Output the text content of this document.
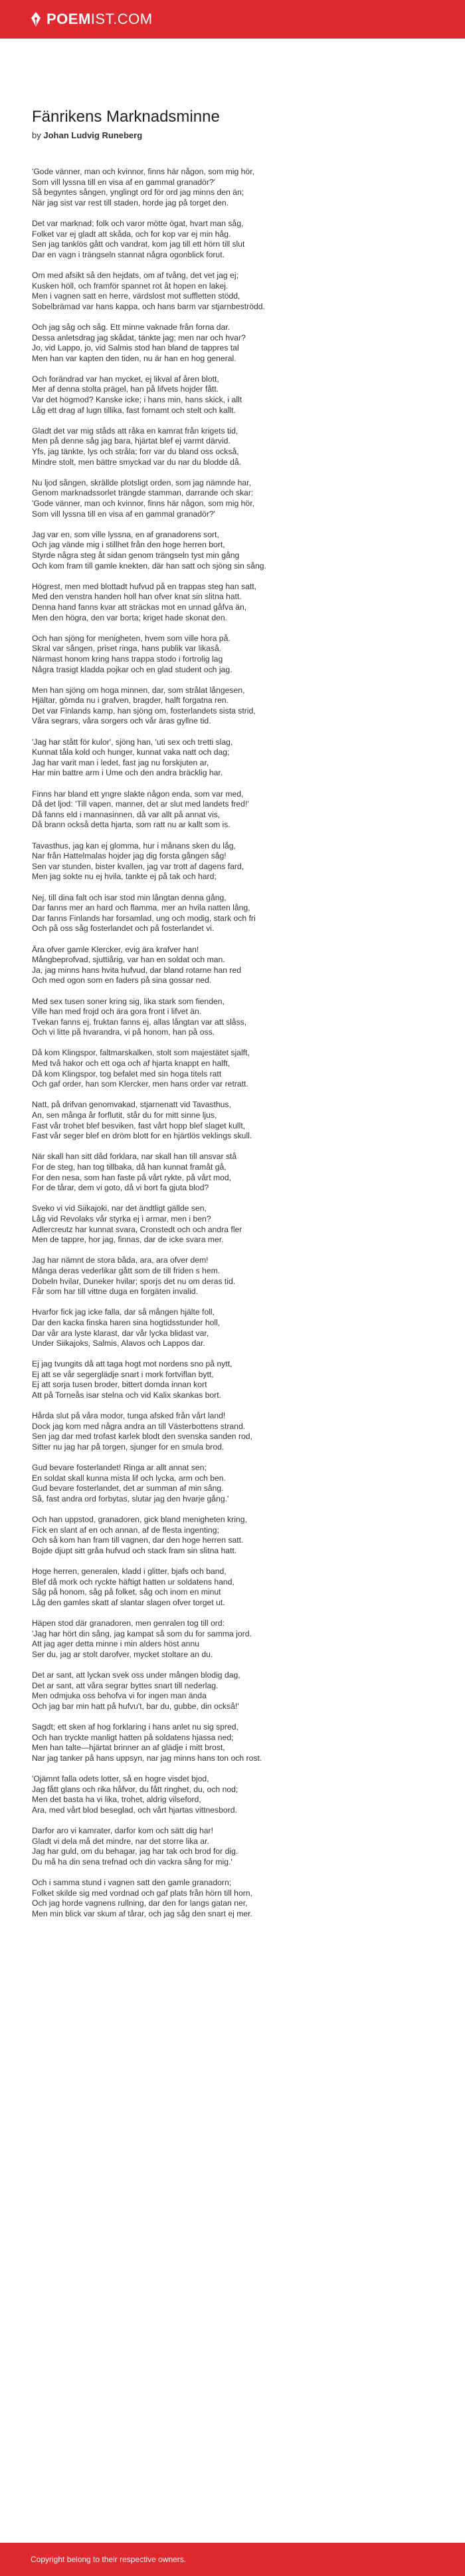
POEM IST.COM
Fänrikens Marknadsminne
by Johan Ludvig Runeberg

'Gode vänner, man och kvinnor, finns här någon, som mig hör,
Som vill lyssna till en visa af en gammal granadör?'
Så begyntes sången, ynglingt ord för ord jag minns den än;
När jag sist var rest till staden, horde jag på torget den.

Det var marknad; folk och varor mötte ögat, hvart man såg,
Folket var ej gladt att skåda, och for kop var ej min håg.
Sen jag tanklös gått och vandrat, kom jag till ett hörn till slut
Dar en vagn i trängseln stannat några ogonblick forut.

Om med afsikt så den hejdats, om af tvång, det vet jag ej;
Kusken höll, och framför spannet rot åt hopen en lakej.
Men i vagnen satt en herre, värdslost mot suffletten stödd,
Sobelbrämad var hans kappa, och hans barm var stjarnbeströdd.

Och jag såg och såg. Ett minne vaknade från forna dar.
Dessa anletsdrag jag skådat, tänkte jag; men nar och hvar?
Jo, vid Lappo, jo, vid Salmis stod han bland de tappres tal
Men han var kapten den tiden, nu är han en hog general.

Och forändrad var han mycket, ej likval af åren blott,
Mer af denna stolta prägel, han på lifvets hojder fått.
Var det högmod? Kanske icke; i hans min, hans skick, i allt
Låg ett drag af lugn tillika, fast fornamt och stelt och kallt.

Gladt det var mig ståds att råka en kamrat från krigets tid,
Men på denne såg jag bara, hjärtat blef ej varmt därvid.
Yfs, jag tänkte, lys och stråla; forr var du bland oss också,
Mindre stolt, men bättre smyckad var du nar du blodde då.

Nu ljod sången, skrällde plotsligt orden, som jag nämnde har,
Genom marknadssorlet trängde stamman, darrande och skar:
'Gode vänner, man och kvinnor, finns här någon, som mig hör,
Som vill lyssna till en visa af en gammal granadör?'

Jag var en, som ville lyssna, en af granadorens sort,
Och jag vände mig i stillhet från den hoge herren bort,
Styrde några steg åt sidan genom trängseln tyst min gång
Och kom fram till gamle knekten, där han satt och sjöng sin sång.

Högrest, men med blottadt hufvud på en trappas steg han satt,
Med den venstra handen holl han ofver knat sin slitna hatt.
Denna hand fanns kvar att sträckas mot en unnad gåfva än,
Men den högra, den var borta; kriget hade skonat den.

Och han sjöng for menigheten, hvem som ville hora på.
Skral var sången, priset ringa, hans publik var likaså.
Närmast honom kring hans trappa stodo i fortrolig lag
Några trasigt kladda pojkar och en glad student och jag.

Men han sjöng om hoga minnen, dar, som strålat långesen,
Hjältar, gömda nu i grafven, bragder, halft forgatna ren.
Det var Finlands kamp, han sjöng om, fosterlandets sista strid,
Våra segrars, våra sorgers och vår äras gyllne tid.

'Jag har stått för kulor', sjöng han, 'uti sex och tretti slag,
Kunnat tåla kold och hunger, kunnat vaka natt och dag;
Jag har varit man i ledet, fast jag nu forskjuten ar,
Har min battre arm i Ume och den andra bräcklig har.

Finns har bland ett yngre slakte någon enda, som var med,
Då det ljod: 'Till vapen, manner, det ar slut med landets fred!'
Då fanns eld i mannasinnen, då var allt på annat vis,
Då brann också detta hjarta, som ratt nu ar kallt som is.

Tavasthus, jag kan ej glomma, hur i månans sken du låg,
Nar från Hattelmalas hojder jag dig forsta gången såg!
Sen var stunden, bister kvallen, jag var trott af dagens fard,
Men jag sokte nu ej hvila, tankte ej på tak och hard;

Nej, till dina falt och isar stod min långtan denna gång,
Dar fanns mer an hard och flamma, mer an hvila natten lång,
Dar fanns Finlands har forsamlad, ung och modig, stark och fri
Och på oss såg fosterlandet och på fosterlandet vi.

Ära ofver gamle Klercker, evig ära krafver han!
Mångbeprofvad, sjuttiårig, var han en soldat och man.
Ja, jag minns hans hvita hufvud, dar bland rotarne han red
Och med ogon som en faders på sina gossar ned.

Med sex tusen soner kring sig, lika stark som fienden,
Ville han med frojd och ära gora front i lifvet än.
Tvekan fanns ej, fruktan fanns ej, allas långtan var att slåss,
Och vi litte på hvarandra, vi på honom, han på oss.

Då kom Klingspor, faltmarskalken, stolt som majestätet sjalft,
Med två hakor och ett oga och af hjarta knappt en halft,
Då kom Klingspor, tog befalet med sin hoga titels ratt
Och gaf order, han som Klercker, men hans order var retratt.

Natt, på drifvan genomvakad, stjarnenatt vid Tavasthus,
An, sen många år forflutit, står du for mitt sinne ljus,
Fast vår trohet blef besviken, fast vårt hopp blef slaget kullt,
Fast vår seger blef en dröm blott for en hjärtlös veklings skull.

När skall han sitt dåd forklara, nar skall han till ansvar stå
For de steg, han tog tillbaka, då han kunnat framåt gå,
For den nesa, som han faste på vårt rykte, på vårt mod,
For de tårar, dem vi goto, då vi bort fa gjuta blod?

Sveko vi vid Siikajoki, nar det ändtligt gällde sen,
Låg vid Revolaks vår styrka ej i armar, men i ben?
Adlercreutz har kunnat svara, Cronstedt och och andra fler
Men de tappre, hor jag, finnas, dar de icke svara mer.

Jag har nämnt de stora båda, ara, ara ofver dem!
Många deras vederlikar gått som de till friden s hem.
Dobeln hvilar, Duneker hvilar; sporjs det nu om deras tid.
Får som har till vittne duga en forgäten invalid.

Hvarfor fick jag icke falla, dar så mången hjälte foll,
Dar den kacka finska haren sina hogtidsstunder holl,
Dar vår ara lyste klarast, dar vår lycka blidast var,
Under Siikajoks, Salmis, Alavos och Lappos dar.

Ej jag tvungits då att taga hogt mot nordens sno på nytt,
Ej att se vår segerglädje snart i mork fortviflan bytt,
Ej att sorja tusen broder, bittert domda innan kort
Att på Torneås isar stelna och vid Kalix skankas bort.

Hårda slut på våra modor, tunga afsked från vårt land!
Dock jag kom med några andra an till Västerbottens strand.
Sen jag dar med trofast karlek blodt den svenska sanden rod,
Sitter nu jag har på torgen, sjunger for en smula brod.

Gud bevare fosterlandet! Ringa ar allt annat sen;
En soldat skall kunna mista lif och lycka, arm och ben.
Gud bevare fosterlandet, det ar summan af min sång.
Så, fast andra ord forbytas, slutar jag den hvarje gång.'

Och han uppstod, granadoren, gick bland menigheten kring,
Fick en slant af en och annan, af de flesta ingenting;
Och så kom han fram till vagnen, dar den hoge herren satt.
Bojde djupt sitt gråa hufvud och stack fram sin slitna hatt.

Hoge herren, generalen, kladd i glitter, bjafs och band,
Blef då mork och ryckte häftigt hatten ur soldatens hand,
Såg på honom, såg på folket, såg och inom en minut
Låg den gamles skatt af slantar slagen ofver torget ut.

Häpen stod där granadoren, men genralen tog till ord:
'Jag har hört din sång, jag kampat så som du for samma jord.
Att jag ager detta minne i min alders höst annu
Ser du, jag ar stolt darofver, mycket stoltare an du.

Det ar sant, att lyckan svek oss under mången blodig dag,
Det ar sant, att våra segrar byttes snart till nederlag.
Men odmjuka oss behofva vi for ingen man ända
Och jag bar min hatt på hufvu't, bar du, gubbe, din också!'

Sagdt; ett sken af hog forklaring i hans anlet nu sig spred,
Och han tryckte manligt hatten på soldatens hjassa ned;
Men han talte—hjärtat brinner an af glädje i mitt brost,
Nar jag tanker på hans uppsyn, nar jag minns hans ton och rost.

'Ojämnt falla odets lotter, så en hogre visdet bjod,
Jag fått glans och rika håfvor, du fått ringhet, du, och nod;
Men det basta ha vi lika, trohet, aldrig vilseford,
Ara, med vårt blod beseglad, och vårt hjartas vittnesbord.

Darfor aro vi kamrater, darfor kom och sätt dig har!
Gladt vi dela må det mindre, nar det storre lika ar.
Jag har guld, om du behagar, jag har tak och brod for dig.
Du må ha din sena trefnad och din vackra sång for mig.'

Och i samma stund i vagnen satt den gamle granadorn;
Folket skilde sig med vordnad och gaf plats från hörn till horn,
Och jag horde vagnens rullning, dar den for langs gatan ner,
Men min blick var skum af tårar, och jag såg den snart ej mer.

Copyright belong to their respective owners.
